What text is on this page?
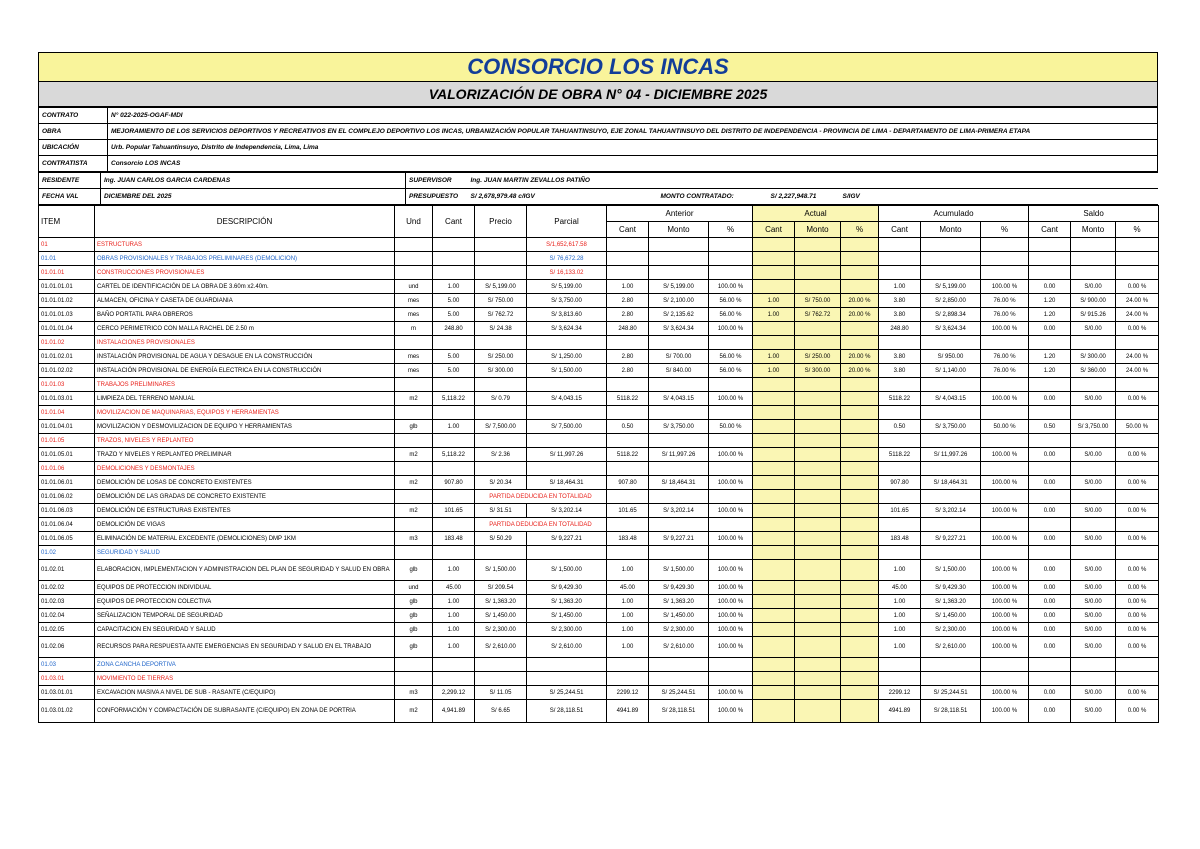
CONSORCIO LOS INCAS
VALORIZACIÓN DE OBRA N° 04 - DICIEMBRE 2025
CONTRATO	N° 022-2025-OGAF-MDI
OBRA	MEJORAMIENTO DE LOS SERVICIOS DEPORTIVOS Y RECREATIVOS EN EL COMPLEJO DEPORTIVO LOS INCAS, URBANIZACIÓN POPULAR TAHUANTINSUYO, EJE ZONAL TAHUANTINSUYO DEL DISTRITO DE INDEPENDENCIA - PROVINCIA DE LIMA - DEPARTAMENTO DE LIMA-PRIMERA ETAPA
UBICACIÓN	Urb. Popular Tahuantinsuyo, Distrito de Independencia, Lima, Lima
CONTRATISTA	Consorcio LOS INCAS
RESIDENTE	Ing. JUAN CARLOS GARCIA CARDENAS	SUPERVISOR	Ing. JUAN MARTIN ZEVALLOS PATIÑO			
FECHA VAL	DICIEMBRE DEL 2025	PRESUPUESTO	S/ 2,678,979.48 c/IGV	MONTO CONTRATADO:	S/ 2,227,948.71	S/IGV
ITEM	DESCRIPCIÓN	Und	Cant	Precio	Parcial	Anterior			Actual			Acumulado			Saldo		
						Cant	Monto	%	Cant	Monto	%	Cant	Monto	%	Cant	Monto	%
01	ESTRUCTURAS				S/1,652,617.58												
01.01	OBRAS PROVISIONALES Y TRABAJOS PRELIMINARES (DEMOLICION)				S/ 76,672.28												
01.01.01	CONSTRUCCIONES PROVISIONALES				S/ 16,133.02												
01.01.01.01	CARTEL DE IDENTIFICACIÓN DE LA OBRA DE 3.60m x2.40m.	und	1.00	S/ 5,199.00	S/ 5,199.00	1.00	S/ 5,199.00	100.00 %				1.00	S/ 5,199.00	100.00 %	0.00	S/0.00	0.00 %
01.01.01.02	ALMACEN, OFICINA Y CASETA DE GUARDIANIA	mes	5.00	S/ 750.00	S/ 3,750.00	2.80	S/ 2,100.00	56.00 %	1.00	S/ 750.00	20.00 %	3.80	S/ 2,850.00	76.00 %	1.20	S/ 900.00	24.00 %
01.01.01.03	BAÑO PORTATIL PARA OBREROS	mes	5.00	S/ 762.72	S/ 3,813.60	2.80	S/ 2,135.62	56.00 %	1.00	S/ 762.72	20.00 %	3.80	S/ 2,898.34	76.00 %	1.20	S/ 915.26	24.00 %
01.01.01.04	CERCO PERIMETRICO CON MALLA RACHEL DE 2.50 m	m	248.80	S/ 24.38	S/ 3,624.34	248.80	S/ 3,624.34	100.00 %				248.80	S/ 3,624.34	100.00 %	0.00	S/0.00	0.00 %
01.01.02	INSTALACIONES PROVISIONALES																
01.01.02.01	INSTALACIÓN PROVISIONAL DE AGUA Y DESAGUE EN LA CONSTRUCCIÓN	mes	5.00	S/ 250.00	S/ 1,250.00	2.80	S/ 700.00	56.00 %	1.00	S/ 250.00	20.00 %	3.80	S/ 950.00	76.00 %	1.20	S/ 300.00	24.00 %
01.01.02.02	INSTALACIÓN PROVISIONAL DE ENERGÍA ELECTRICA EN LA CONSTRUCCIÓN	mes	5.00	S/ 300.00	S/ 1,500.00	2.80	S/ 840.00	56.00 %	1.00	S/ 300.00	20.00 %	3.80	S/ 1,140.00	76.00 %	1.20	S/ 360.00	24.00 %
01.01.03	TRABAJOS PRELIMINARES																
01.01.03.01	LIMPIEZA DEL TERRENO MANUAL	m2	5,118.22	S/ 0.79	S/ 4,043.15	5118.22	S/ 4,043.15	100.00 %				5118.22	S/ 4,043.15	100.00 %	0.00	S/0.00	0.00 %
01.01.04	MOVILIZACION DE MAQUINARIAS, EQUIPOS Y HERRAMIENTAS																
01.01.04.01	MOVILIZACION Y DESMOVILIZACION DE EQUIPO Y HERRAMIENTAS	glb	1.00	S/ 7,500.00	S/ 7,500.00	0.50	S/ 3,750.00	50.00 %				0.50	S/ 3,750.00	50.00 %	0.50	S/ 3,750.00	50.00 %
01.01.05	TRAZOS, NIVELES Y REPLANTEO																
01.01.05.01	TRAZO Y NIVELES Y REPLANTEO PRELIMINAR	m2	5,118.22	S/ 2.36	S/ 11,997.26	5118.22	S/ 11,997.26	100.00 %				5118.22	S/ 11,997.26	100.00 %	0.00	S/0.00	0.00 %
01.01.06	DEMOLICIONES Y DESMONTAJES																
01.01.06.01	DEMOLICIÓN DE LOSAS DE CONCRETO EXISTENTES	m2	907.80	S/ 20.34	S/ 18,464.31	907.80	S/ 18,464.31	100.00 %				907.80	S/ 18,464.31	100.00 %	0.00	S/0.00	0.00 %
01.01.06.02	DEMOLICIÓN DE LAS GRADAS DE CONCRETO EXISTENTE			PARTIDA DEDUCIDA EN TOTALIDAD													
01.01.06.03	DEMOLICIÓN DE ESTRUCTURAS EXISTENTES	m2	101.65	S/ 31.51	S/ 3,202.14	101.65	S/ 3,202.14	100.00 %				101.65	S/ 3,202.14	100.00 %	0.00	S/0.00	0.00 %
01.01.06.04	DEMOLICIÓN DE VIGAS			PARTIDA DEDUCIDA EN TOTALIDAD													
01.01.06.05	ELIMINACIÓN DE MATERIAL EXCEDENTE (DEMOLICIONES) DMP 1KM	m3	183.48	S/ 50.29	S/ 9,227.21	183.48	S/ 9,227.21	100.00 %				183.48	S/ 9,227.21	100.00 %	0.00	S/0.00	0.00 %
01.02	SEGURIDAD Y SALUD																
01.02.01	ELABORACION, IMPLEMENTACION Y ADMINISTRACION DEL PLAN DE SEGURIDAD Y SALUD EN OBRA	glb	1.00	S/ 1,500.00	S/ 1,500.00	1.00	S/ 1,500.00	100.00 %				1.00	S/ 1,500.00	100.00 %	0.00	S/0.00	0.00 %
01.02.02	EQUIPOS DE PROTECCION INDIVIDUAL	und	45.00	S/ 209.54	S/ 9,429.30	45.00	S/ 9,429.30	100.00 %				45.00	S/ 9,429.30	100.00 %	0.00	S/0.00	0.00 %
01.02.03	EQUIPOS DE PROTECCION COLECTIVA	glb	1.00	S/ 1,363.20	S/ 1,363.20	1.00	S/ 1,363.20	100.00 %				1.00	S/ 1,363.20	100.00 %	0.00	S/0.00	0.00 %
01.02.04	SEÑALIZACION TEMPORAL DE SEGURIDAD	glb	1.00	S/ 1,450.00	S/ 1,450.00	1.00	S/ 1,450.00	100.00 %				1.00	S/ 1,450.00	100.00 %	0.00	S/0.00	0.00 %
01.02.05	CAPACITACION EN SEGURIDAD Y SALUD	glb	1.00	S/ 2,300.00	S/ 2,300.00	1.00	S/ 2,300.00	100.00 %				1.00	S/ 2,300.00	100.00 %	0.00	S/0.00	0.00 %
01.02.06	RECURSOS PARA RESPUESTA ANTE EMERGENCIAS EN SEGURIDAD Y SALUD EN EL TRABAJO	glb	1.00	S/ 2,610.00	S/ 2,610.00	1.00	S/ 2,610.00	100.00 %				1.00	S/ 2,610.00	100.00 %	0.00	S/0.00	0.00 %
01.03	ZONA CANCHA DEPORTIVA																
01.03.01	MOVIMIENTO DE TIERRAS																
01.03.01.01	EXCAVACION MASIVA A NIVEL DE SUB - RASANTE (C/EQUIPO)	m3	2,299.12	S/ 11.05	S/ 25,244.51	2299.12	S/ 25,244.51	100.00 %				2299.12	S/ 25,244.51	100.00 %	0.00	S/0.00	0.00 %
01.03.01.02	CONFORMACIÓN Y COMPACTACIÓN DE SUBRASANTE (C/EQUIPO) EN ZONA DE PORTRIA	m2	4,941.89	S/ 6.65	S/ 28,118.51	4941.89	S/ 28,118.51	100.00 %				4941.89	S/ 28,118.51	100.00 %	0.00	S/0.00	0.00 %
